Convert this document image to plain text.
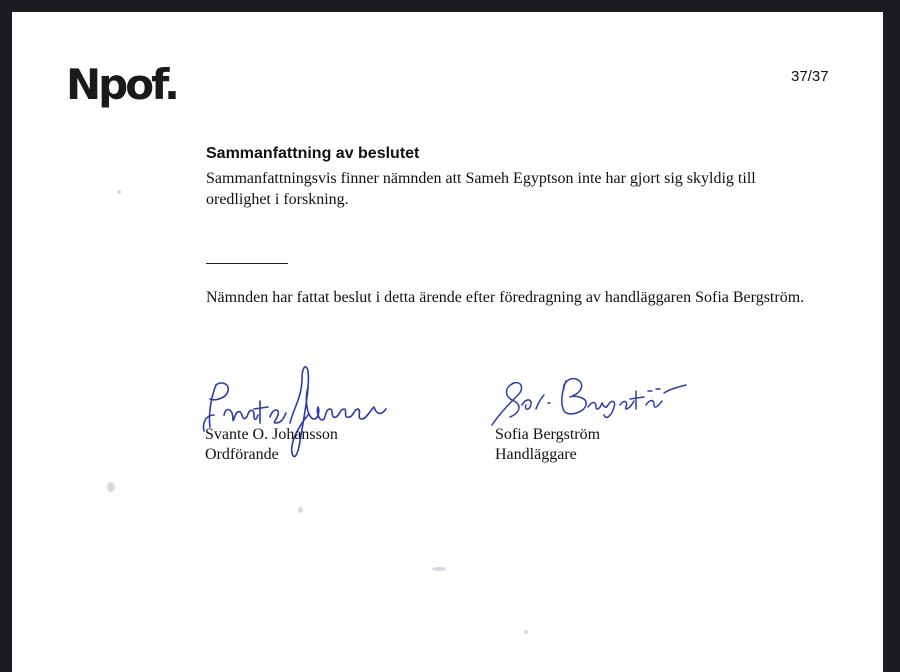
Npof.	37/37
Sammanfattning av beslutet

Sammanfattningsvis finner nämnden att Sameh Egyptson inte har gjort sig skyldig till oredlighet i forskning.

Nämnden har fattat beslut i detta ärende efter föredragning av handläggaren Sofia Bergström.

Svante O. Johansson
Ordförande
Sofia Bergström
Handläggare
